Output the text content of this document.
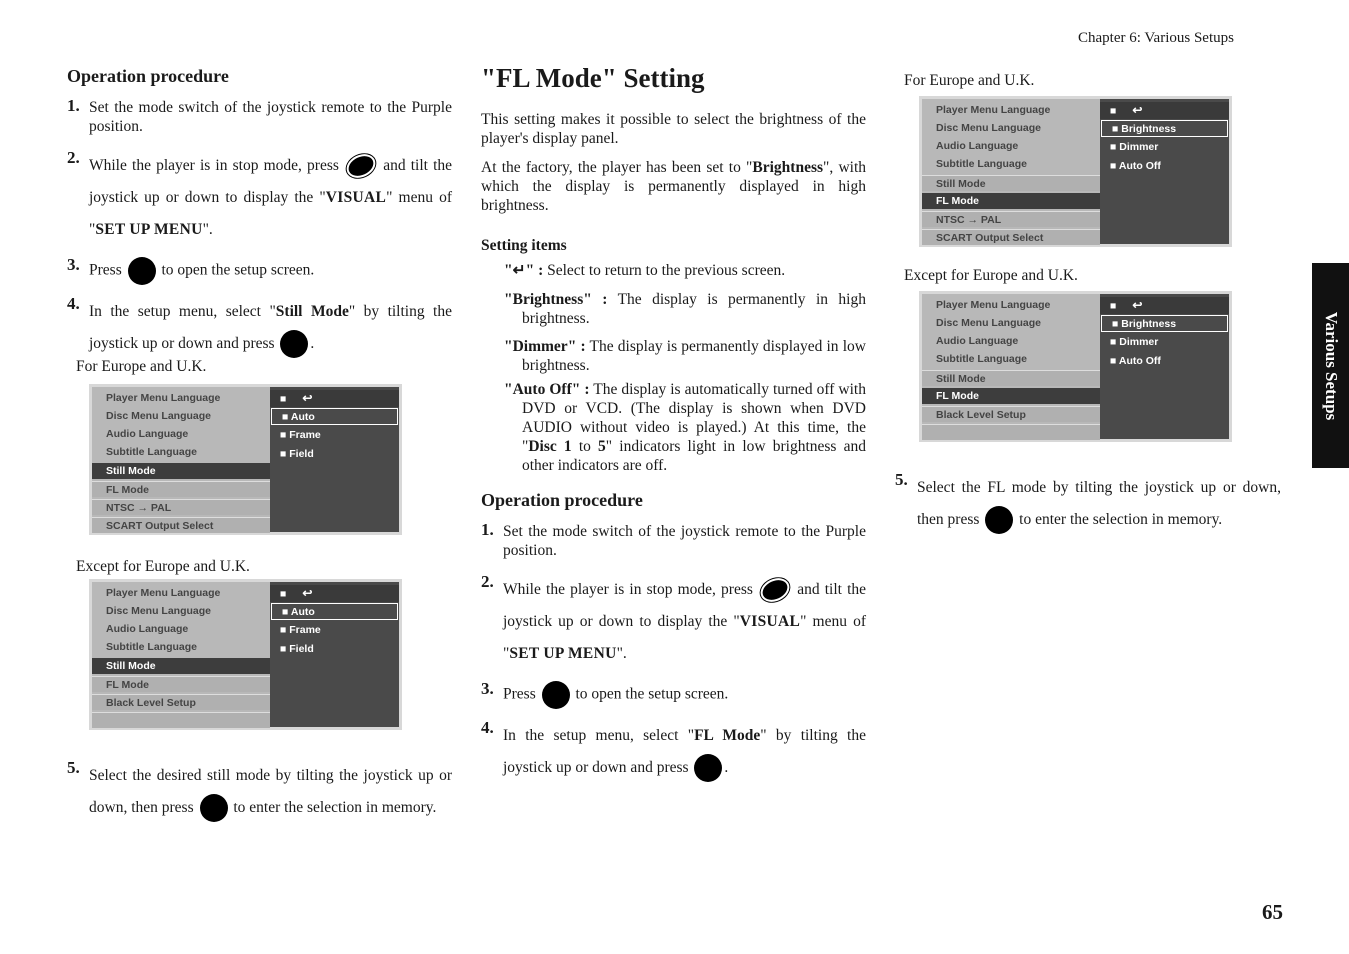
Chapter 6: Various Setups
Various Setups
65
Operation procedure
1. Set the mode switch of the joystick remote to the Purple position.
2. While the player is in stop mode, press	and tilt the joystick up or down to display the "VISUAL" menu of "SET UP MENU".
3. Press	to open the setup screen.
4. In the setup menu, select "Still Mode" by tilting the joystick up or down and press .
For Europe and U.K.
Player Menu Language
Disc Menu Language
Audio Language
Subtitle Language
Still Mode
FL Mode
NTSC → PAL
SCART Output Select
■ ↩
■ Auto
■ Frame
■ Field
Except for Europe and U.K.
Player Menu Language
Disc Menu Language
Audio Language
Subtitle Language
Still Mode
FL Mode
Black Level Setup
■ ↩
■ Auto
■ Frame
■ Field
5. Select the desired still mode by tilting the joystick up or down, then press	to enter the selection in memory.
"FL Mode" Setting
This setting makes it possible to select the brightness of the player's display panel.
At the factory, the player has been set to "Brightness", with which the display is permanently displayed in high brightness.
Setting items
"↵" : Select to return to the previous screen.
"Brightness" : The display is permanently in high brightness.
"Dimmer" : The display is permanently displayed in low brightness.
"Auto Off" : The display is automatically turned off with DVD or VCD. (The display is shown when DVD AUDIO without video is played.) At this time, the "Disc 1 to 5" indicators light in low brightness and other indicators are off.
Operation procedure
1. Set the mode switch of the joystick remote to the Purple position.
2. While the player is in stop mode, press	and tilt the joystick up or down to display the "VISUAL" menu of "SET UP MENU".
3. Press	to open the setup screen.
4. In the setup menu, select "FL Mode" by tilting the joystick up or down and press .
For Europe and U.K.
Player Menu Language
Disc Menu Language
Audio Language
Subtitle Language
Still Mode
FL Mode
NTSC → PAL
SCART Output Select
■ ↩
■ Brightness
■ Dimmer
■ Auto Off
Except for Europe and U.K.
Player Menu Language
Disc Menu Language
Audio Language
Subtitle Language
Still Mode
FL Mode
Black Level Setup
■ ↩
■ Brightness
■ Dimmer
■ Auto Off
5. Select the FL mode by tilting the joystick up or down, then press	to enter the selection in memory.
